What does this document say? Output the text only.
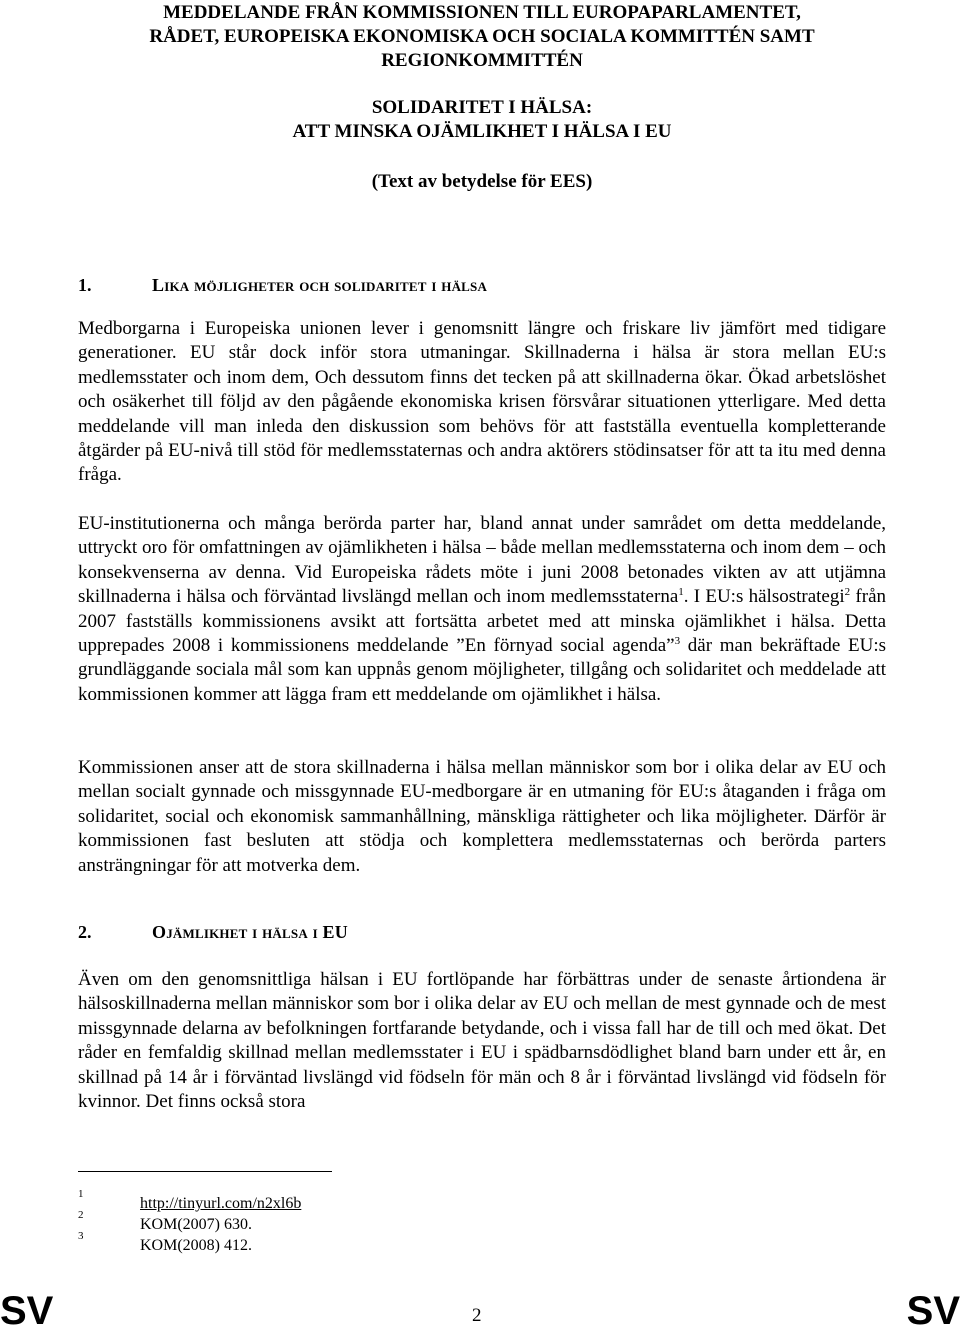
MEDDELANDE FRÅN KOMMISSIONEN TILL EUROPAPARLAMENTET,
RÅDET, EUROPEISKA EKONOMISKA OCH SOCIALA KOMMITTÉN SAMT
REGIONKOMMITTÉN
SOLIDARITET I HÄLSA:
ATT MINSKA OJÄMLIKHET I HÄLSA I EU
(Text av betydelse för EES)
1.	Lika möjligheter och solidaritet i hälsa

Medborgarna i Europeiska unionen lever i genomsnitt längre och friskare liv jämfört med tidigare generationer. EU står dock inför stora utmaningar. Skillnaderna i hälsa är stora mellan EU:s medlemsstater och inom dem, Och dessutom finns det tecken på att skillnaderna ökar. Ökad arbetslöshet och osäkerhet till följd av den pågående ekonomiska krisen försvårar situationen ytterligare. Med detta meddelande vill man inleda den diskussion som behövs för att fastställa eventuella kompletterande åtgärder på EU-nivå till stöd för medlemsstaternas och andra aktörers stödinsatser för att ta itu med denna fråga.

EU-institutionerna och många berörda parter har, bland annat under samrådet om detta meddelande, uttryckt oro för omfattningen av ojämlikheten i hälsa – både mellan medlemsstaterna och inom dem – och konsekvenserna av denna. Vid Europeiska rådets möte i juni 2008 betonades vikten av att utjämna skillnaderna i hälsa och förväntad livslängd mellan och inom medlemsstaterna$^1$. I EU:s hälsostrategi$^2$ från 2007 fastställs kommissionens avsikt att fortsätta arbetet med att minska ojämlikhet i hälsa. Detta upprepades 2008 i kommissionens meddelande ”En förnyad social agenda”$^3$ där man bekräftade EU:s grundläggande sociala mål som kan uppnås genom möjligheter, tillgång och solidaritet och meddelade att kommissionen kommer att lägga fram ett meddelande om ojämlikhet i hälsa.

Kommissionen anser att de stora skillnaderna i hälsa mellan människor som bor i olika delar av EU och mellan socialt gynnade och missgynnade EU-medborgare är en utmaning för EU:s åtaganden i fråga om solidaritet, social och ekonomisk sammanhållning, mänskliga rättigheter och lika möjligheter. Därför är kommissionen fast besluten att stödja och komplettera medlemsstaternas och berörda parters ansträngningar för att motverka dem.

2.	Ojämlikhet i hälsa i EU

Även om den genomsnittliga hälsan i EU fortlöpande har förbättras under de senaste årtiondena är hälsoskillnaderna mellan människor som bor i olika delar av EU och mellan de mest gynnade och de mest missgynnade delarna av befolkningen fortfarande betydande, och i vissa fall har de till och med ökat. Det råder en femfaldig skillnad mellan medlemsstater i EU i spädbarnsdödlighet bland barn under ett år, en skillnad på 14 år i förväntad livslängd vid födseln för män och 8 år i förväntad livslängd vid födseln för kvinnor. Det finns också stora

1
http://tinyurl.com/n2xl6b
2
KOM(2007) 630.
3
KOM(2008) 412.
SV	2	SV
